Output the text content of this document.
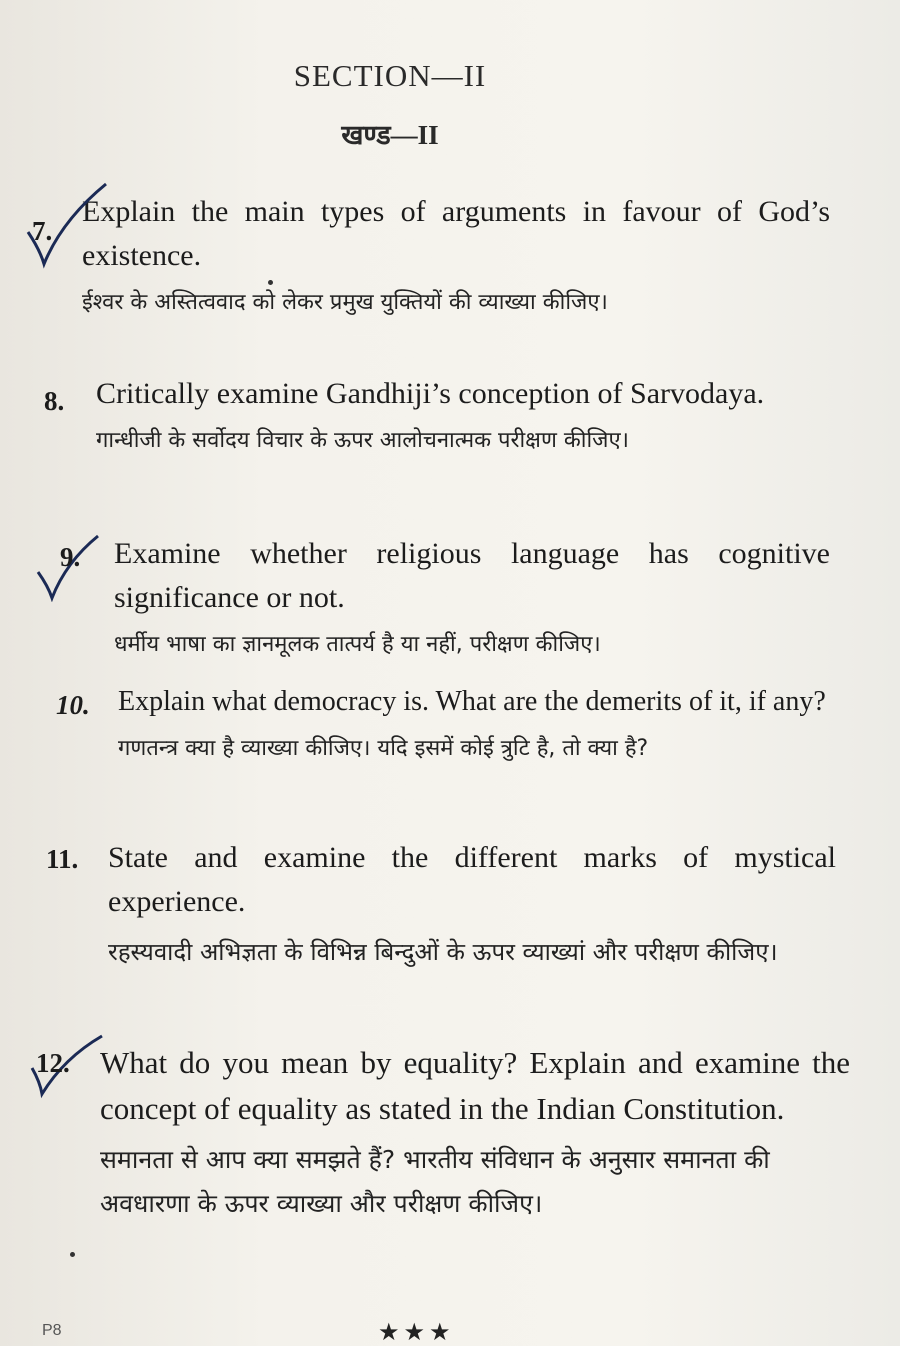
SECTION—II
खण्ड—II
7.

Explain the main types of arguments in favour of God’s existence.

ईश्वर के अस्तित्ववाद को लेकर प्रमुख युक्तियों की व्याख्या कीजिए।

8. Critically examine Gandhiji’s conception of Sarvodaya.

गान्धीजी के सर्वोदय विचार के ऊपर आलोचनात्मक परीक्षण कीजिए।

9. Examine whether religious language has cognitive significance or not.

धर्मीय भाषा का ज्ञानमूलक तात्पर्य है या नहीं, परीक्षण कीजिए।

10. Explain what democracy is. What are the demerits of it, if any?

गणतन्त्र क्या है व्याख्या कीजिए। यदि इसमें कोई त्रुटि है, तो क्या है?

11. State and examine the different marks of mystical experience.

रहस्यवादी अभिज्ञता के विभिन्न बिन्दुओं के ऊपर व्याख्यां और परीक्षण कीजिए।

12. What do you mean by equality? Explain and examine the concept of equality as stated in the Indian Constitution.

समानता से आप क्या समझते हैं? भारतीय संविधान के अनुसार समानता की अवधारणा के ऊपर व्याख्या और परीक्षण कीजिए।

★★★
P8
